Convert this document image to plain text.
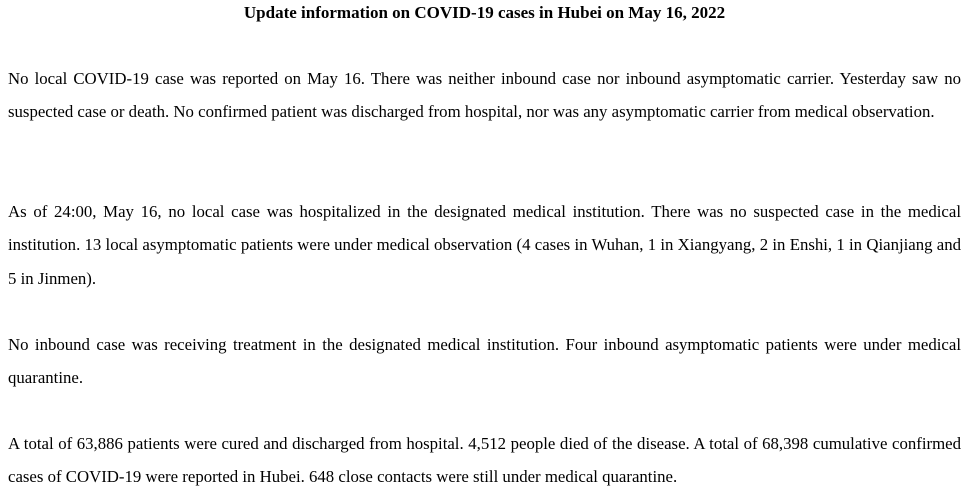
Update information on COVID-19 cases in Hubei on May 16, 2022

No local COVID-19 case was reported on May 16. There was neither inbound case nor inbound asymptomatic carrier. Yesterday saw no suspected case or death. No confirmed patient was discharged from hospital, nor was any asymptomatic carrier from medical observation.

As of 24:00, May 16, no local case was hospitalized in the designated medical institution. There was no suspected case in the medical institution. 13 local asymptomatic patients were under medical observation (4 cases in Wuhan, 1 in Xiangyang, 2 in Enshi, 1 in Qianjiang and 5 in Jinmen).

No inbound case was receiving treatment in the designated medical institution. Four inbound asymptomatic patients were under medical quarantine.

A total of 63,886 patients were cured and discharged from hospital. 4,512 people died of the disease. A total of 68,398 cumulative confirmed cases of COVID-19 were reported in Hubei. 648 close contacts were still under medical quarantine.
